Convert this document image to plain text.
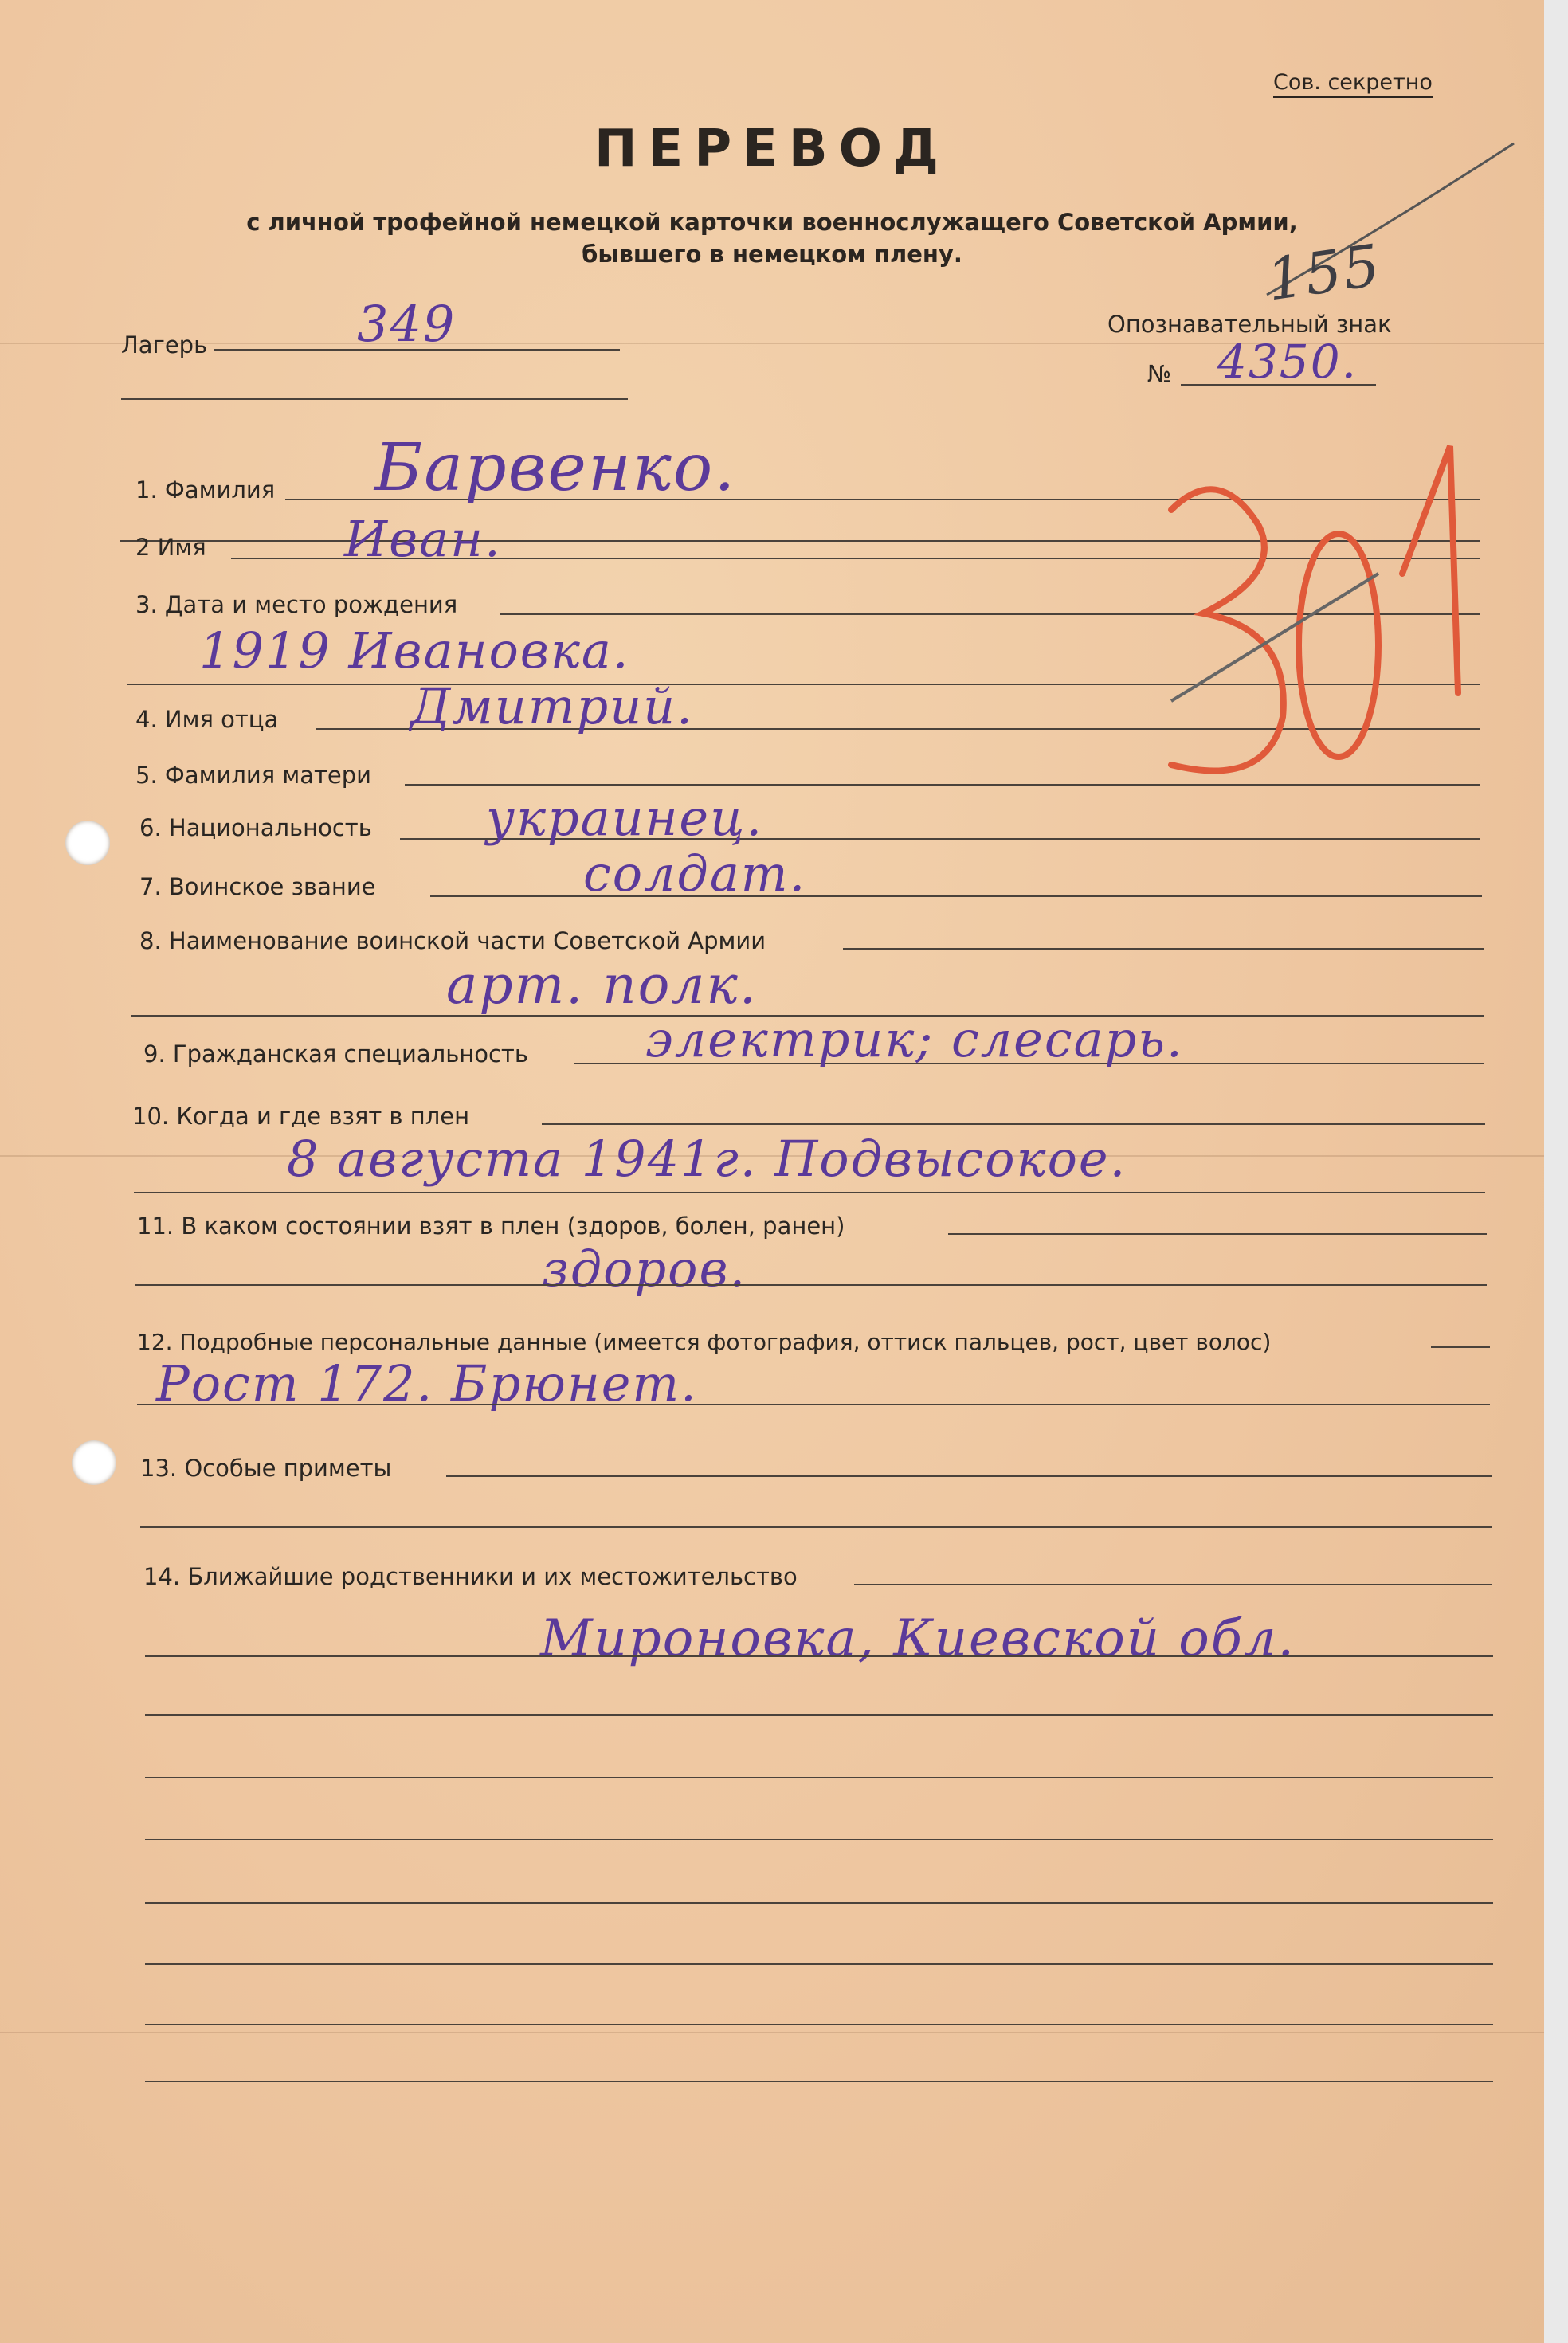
Сов. секретно
ПЕРЕВОД
с личной трофейной немецкой карточки военнослужащего Советской Армии,
бывшего в немецком плену.	155
Лагерь	349	Опознавательный знак
№ 4350.
1. Фамилия Барвенко.
2 Имя	Иван.
3. Дата и место рождения
1919 Ивановка.
4. Имя отца	Дмитрий.
5. Фамилия матери
6. Национальность украинец.
7. Воинское звание	солдат.
8. Наименование воинской части Советской Армии
арт. полк.
9. Гражданская специальность электрик; слесарь.
10. Когда и где взят в плен
8 августа 1941г. Подвысокое.
11. В каком состоянии взят в плен (здоров, болен, ранен)
здоров.
12. Подробные персональные данные (имеется фотография, оттиск пальцев, рост, цвет волос)
Рост 172. Брюнет.
13. Особые приметы
14. Ближайшие родственники и их местожительство
Мироновка, Киевской обл.
